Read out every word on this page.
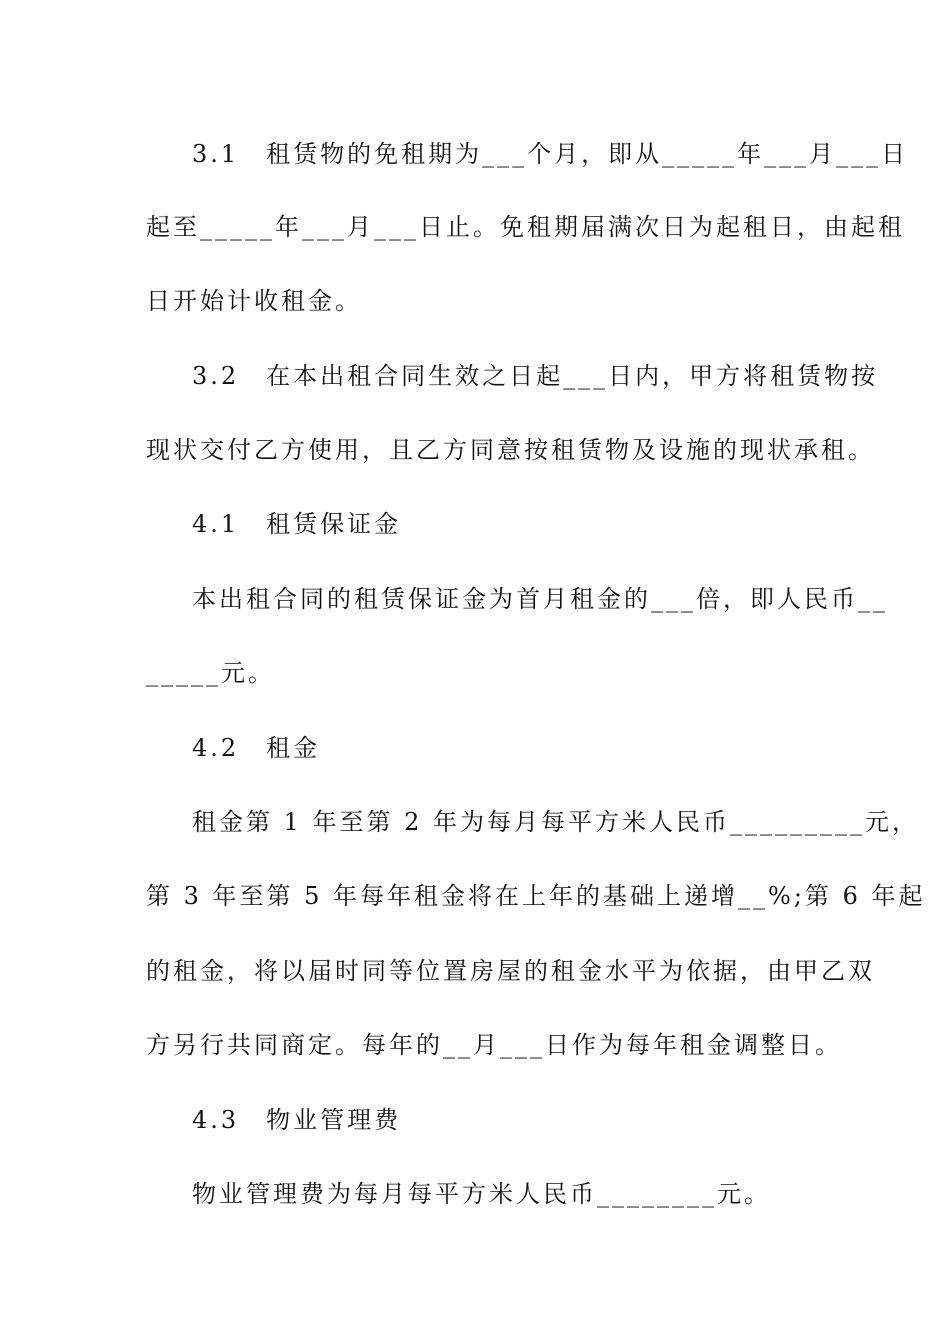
3.1　租赁物的免租期为___个月，即从_____年___月___日
起至_____年___月___日止。免租期届满次日为起租日，由起租
日开始计收租金。
3.2　在本出租合同生效之日起___日内，甲方将租赁物按
现状交付乙方使用，且乙方同意按租赁物及设施的现状承租。
4.1　租赁保证金
本出租合同的租赁保证金为首月租金的___倍，即人民币__
_____元。
4.2　租金
租金第 1 年至第 2 年为每月每平方米人民币_________元，
第 3 年至第 5 年每年租金将在上年的基础上递增__%;第 6 年起
的租金，将以届时同等位置房屋的租金水平为依据，由甲乙双
方另行共同商定。每年的__月___日作为每年租金调整日。
4.3　物业管理费
物业管理费为每月每平方米人民币________元。
